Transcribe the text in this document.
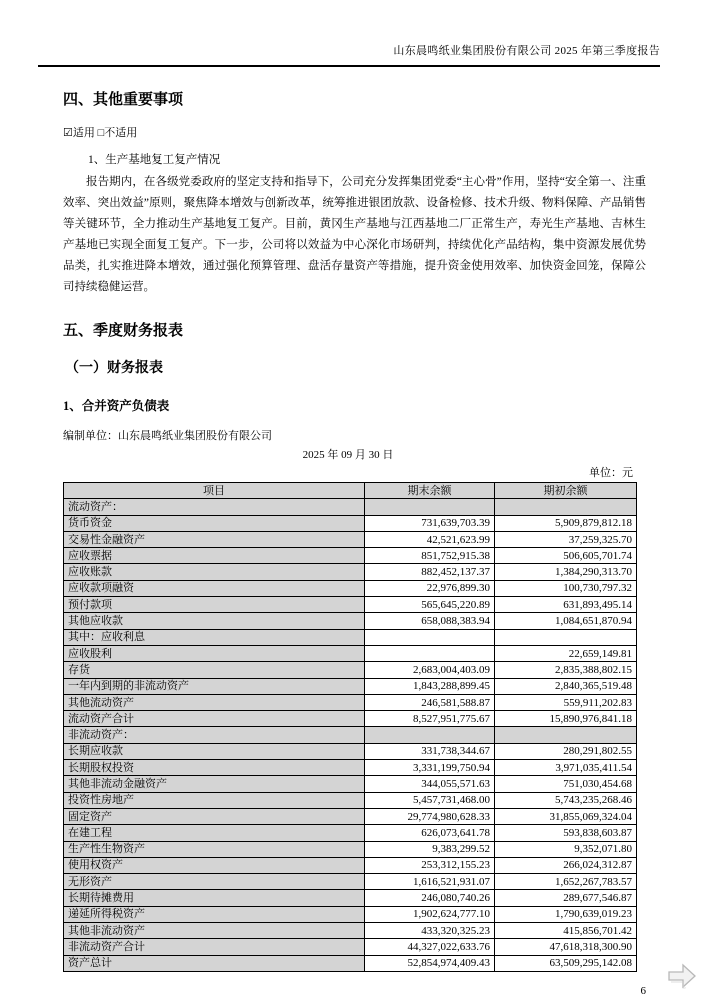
山东晨鸣纸业集团股份有限公司 2025 年第三季度报告
四、其他重要事项
☑适用 □不适用
1、生产基地复工复产情况
报告期内，在各级党委政府的坚定支持和指导下，公司充分发挥集团党委“主心骨”作用，坚持“安全第一、注重效率、突出效益”原则，聚焦降本增效与创新改革，统筹推进银团放款、设备检修、技术升级、物料保障、产品销售等关键环节，全力推动生产基地复工复产。目前，黄冈生产基地与江西基地二厂正常生产，寿光生产基地、吉林生产基地已实现全面复工复产。下一步，公司将以效益为中心深化市场研判，持续优化产品结构，集中资源发展优势品类，扎实推进降本增效，通过强化预算管理、盘活存量资产等措施，提升资金使用效率、加快资金回笼，保障公司持续稳健运营。
五、季度财务报表
（一）财务报表
1、合并资产负债表
编制单位：山东晨鸣纸业集团股份有限公司
2025 年 09 月 30 日
单位：元
项目	期末余额	期初余额
流动资产：		
货币资金	731,639,703.39	5,909,879,812.18
交易性金融资产	42,521,623.99	37,259,325.70
应收票据	851,752,915.38	506,605,701.74
应收账款	882,452,137.37	1,384,290,313.70
应收款项融资	22,976,899.30	100,730,797.32
预付款项	565,645,220.89	631,893,495.14
其他应收款	658,088,383.94	1,084,651,870.94
其中：应收利息		
应收股利		22,659,149.81
存货	2,683,004,403.09	2,835,388,802.15
一年内到期的非流动资产	1,843,288,899.45	2,840,365,519.48
其他流动资产	246,581,588.87	559,911,202.83
流动资产合计	8,527,951,775.67	15,890,976,841.18
非流动资产：		
长期应收款	331,738,344.67	280,291,802.55
长期股权投资	3,331,199,750.94	3,971,035,411.54
其他非流动金融资产	344,055,571.63	751,030,454.68
投资性房地产	5,457,731,468.00	5,743,235,268.46
固定资产	29,774,980,628.33	31,855,069,324.04
在建工程	626,073,641.78	593,838,603.87
生产性生物资产	9,383,299.52	9,352,071.80
使用权资产	253,312,155.23	266,024,312.87
无形资产	1,616,521,931.07	1,652,267,783.57
长期待摊费用	246,080,740.26	289,677,546.87
递延所得税资产	1,902,624,777.10	1,790,639,019.23
其他非流动资产	433,320,325.23	415,856,701.42
非流动资产合计	44,327,022,633.76	47,618,318,300.90
资产总计	52,854,974,409.43	63,509,295,142.08
6
